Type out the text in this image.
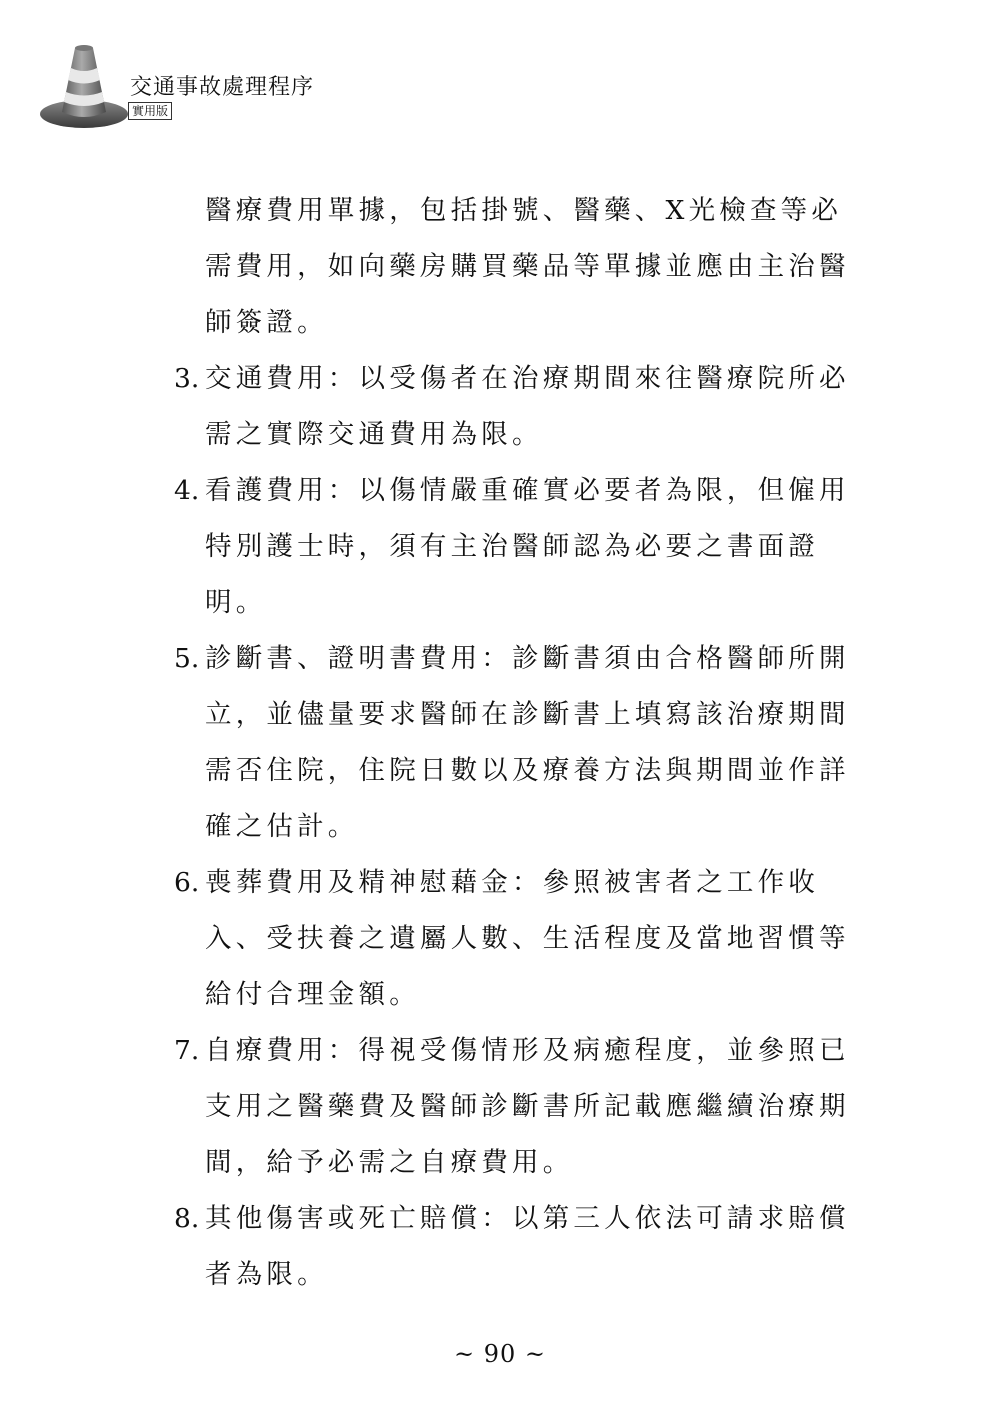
交通事故處理程序
實用版

醫療費用單據，包括掛號、醫藥、X光檢查等必需費用，如向藥房購買藥品等單據並應由主治醫師簽證。

3. 交通費用：以受傷者在治療期間來往醫療院所必需之實際交通費用為限。

4. 看護費用：以傷情嚴重確實必要者為限，但僱用特別護士時，須有主治醫師認為必要之書面證明。

5. 診斷書、證明書費用：診斷書須由合格醫師所開立，並儘量要求醫師在診斷書上填寫該治療期間需否住院，住院日數以及療養方法與期間並作詳確之估計。

6. 喪葬費用及精神慰藉金：參照被害者之工作收入、受扶養之遺屬人數、生活程度及當地習慣等給付合理金額。

7. 自療費用：得視受傷情形及病癒程度，並參照已支用之醫藥費及醫師診斷書所記載應繼續治療期間，給予必需之自療費用。

8. 其他傷害或死亡賠償：以第三人依法可請求賠償者為限。

~ 90 ~
